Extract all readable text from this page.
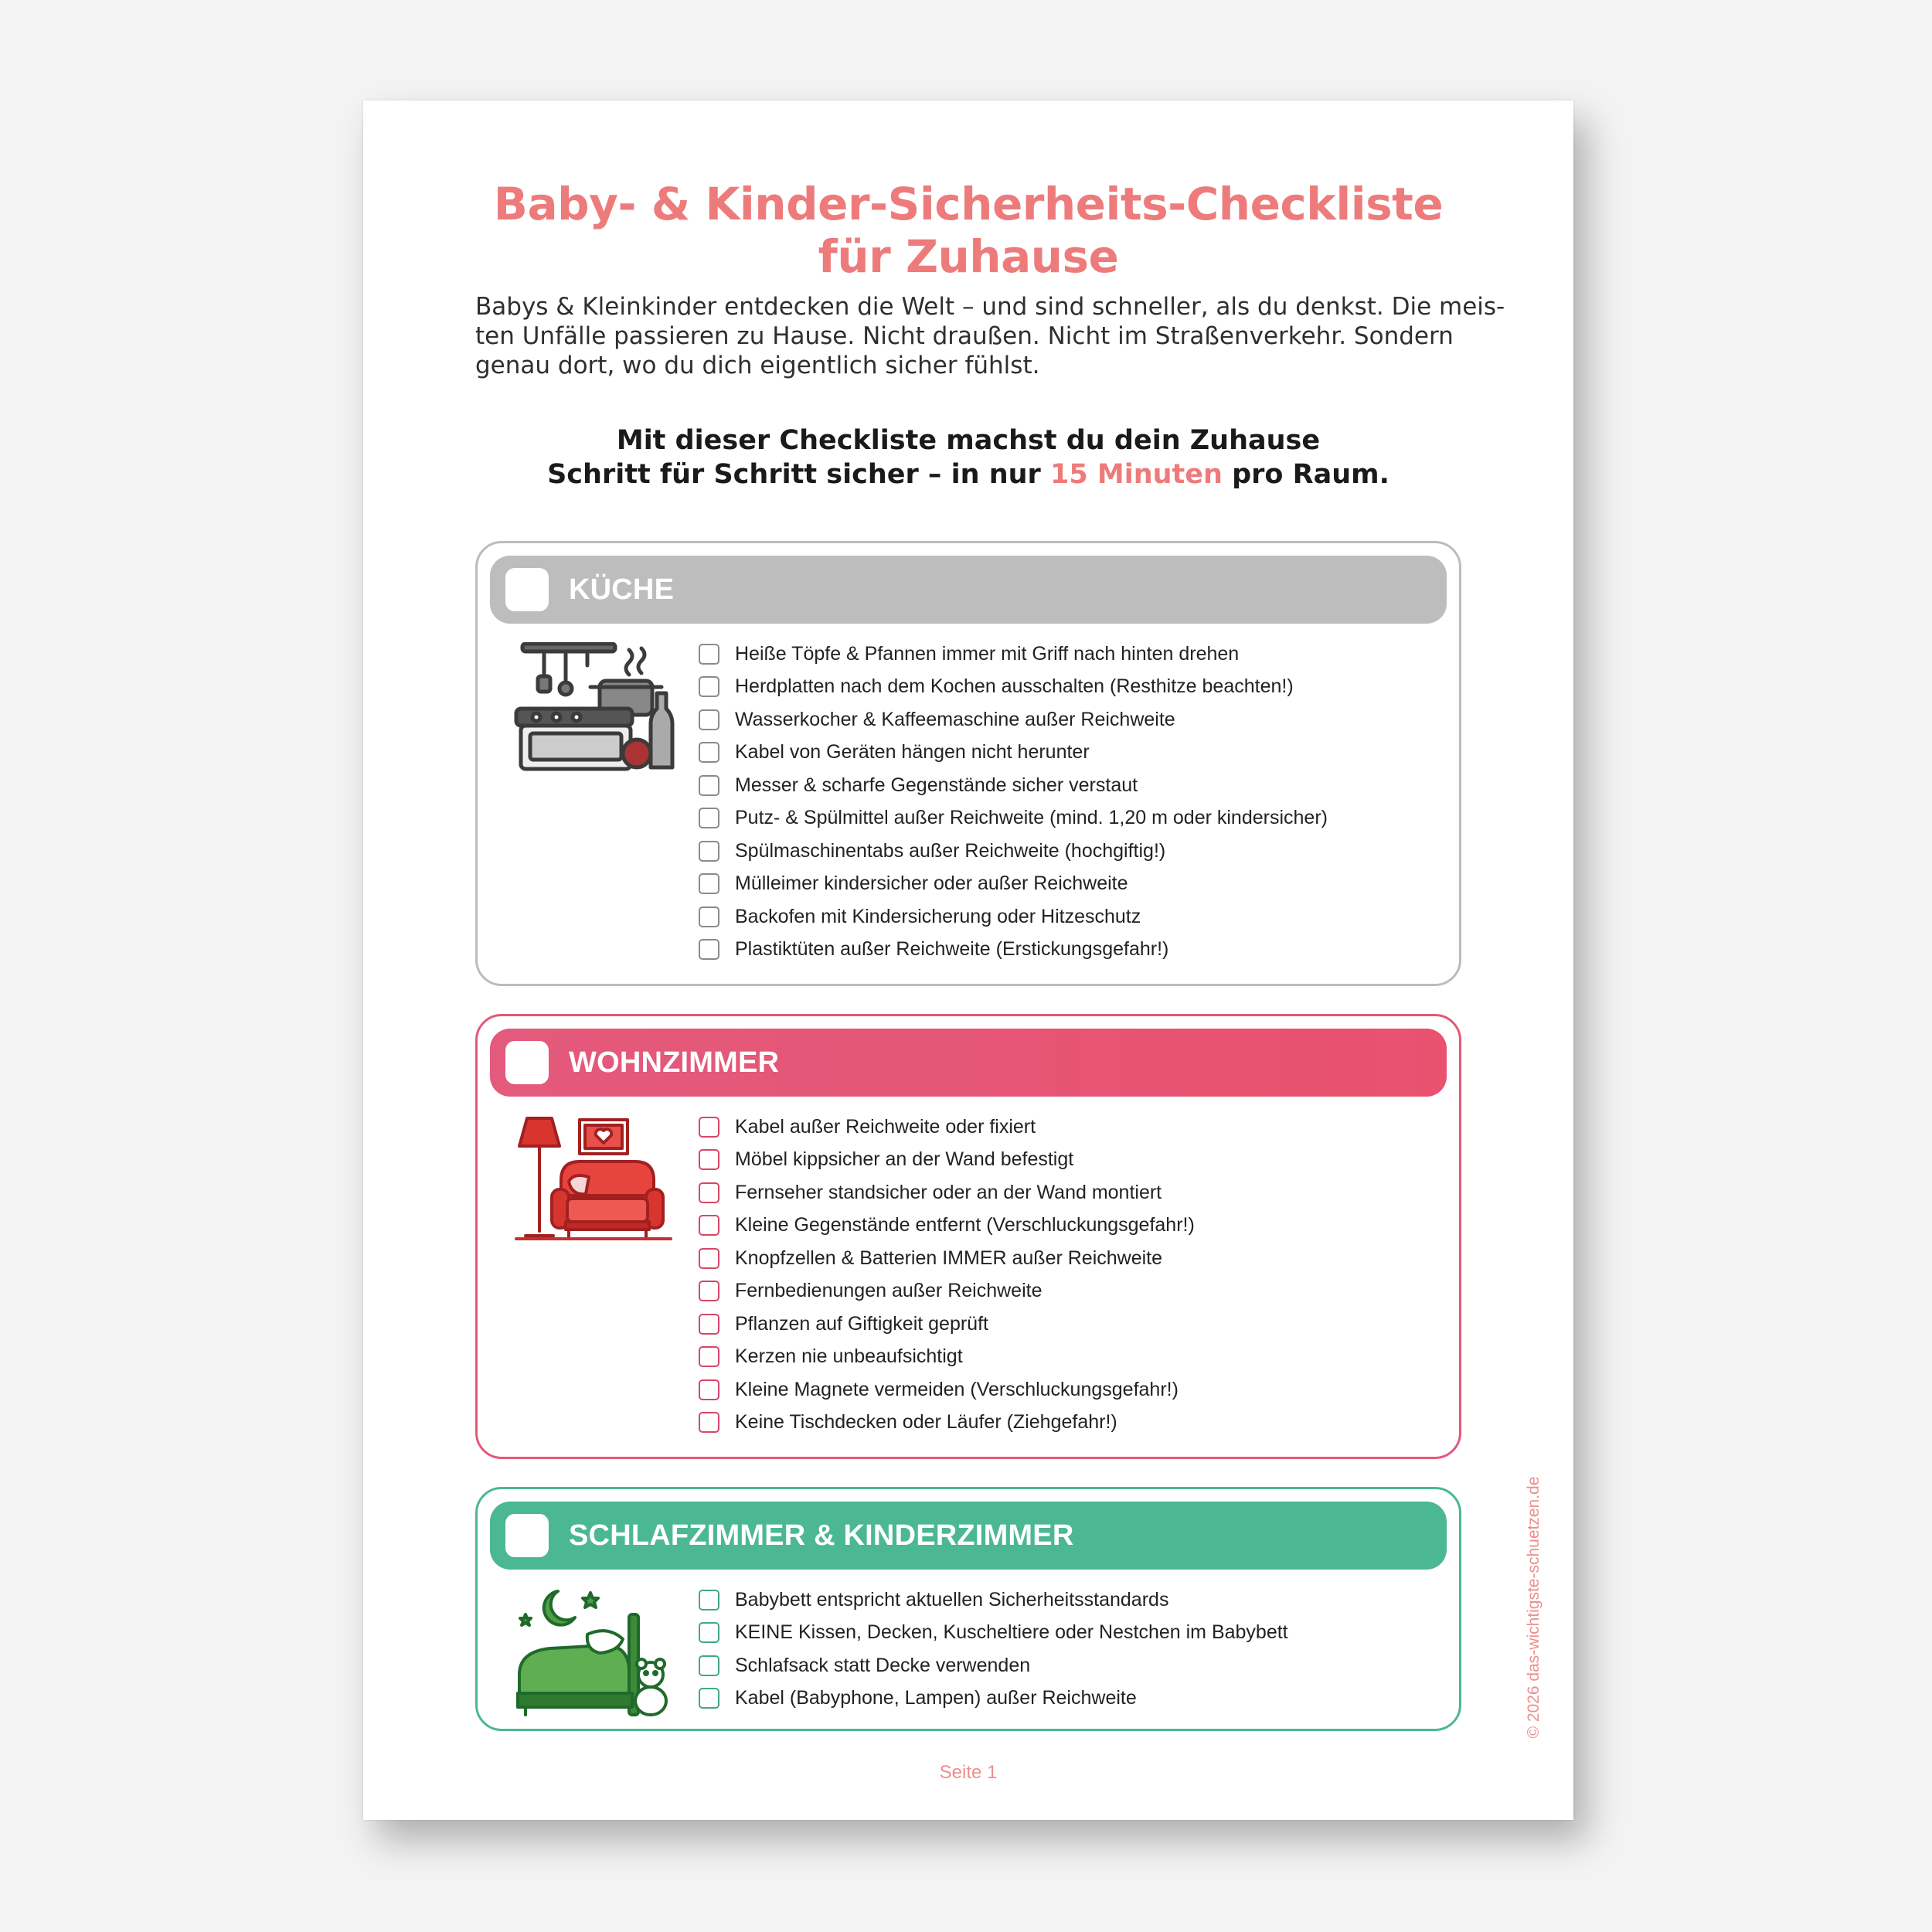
Baby- & Kinder-Sicherheits-Checkliste
für Zuhause

Babys & Kleinkinder entdecken die Welt – und sind schneller, als du denkst. Die meis-
ten Unfälle passieren zu Hause. Nicht draußen. Nicht im Straßenverkehr. Sondern
genau dort, wo du dich eigentlich sicher fühlst.

Mit dieser Checkliste machst du dein Zuhause
Schritt für Schritt sicher – in nur 15 Minuten pro Raum.
KÜCHE
Heiße Töpfe & Pfannen immer mit Griff nach hinten drehen
Herdplatten nach dem Kochen ausschalten (Resthitze beachten!)
Wasserkocher & Kaffeemaschine außer Reichweite
Kabel von Geräten hängen nicht herunter
Messer & scharfe Gegenstände sicher verstaut
Putz- & Spülmittel außer Reichweite (mind. 1,20 m oder kindersicher)
Spülmaschinentabs außer Reichweite (hochgiftig!)
Mülleimer kindersicher oder außer Reichweite
Backofen mit Kindersicherung oder Hitzeschutz
Plastiktüten außer Reichweite (Erstickungsgefahr!)
WOHNZIMMER
Kabel außer Reichweite oder fixiert
Möbel kippsicher an der Wand befestigt
Fernseher standsicher oder an der Wand montiert
Kleine Gegenstände entfernt (Verschluckungsgefahr!)
Knopfzellen & Batterien IMMER außer Reichweite
Fernbedienungen außer Reichweite
Pflanzen auf Giftigkeit geprüft
Kerzen nie unbeaufsichtigt
Kleine Magnete vermeiden (Verschluckungsgefahr!)
Keine Tischdecken oder Läufer (Ziehgefahr!)
SCHLAFZIMMER & KINDERZIMMER
Babybett entspricht aktuellen Sicherheitsstandards
KEINE Kissen, Decken, Kuscheltiere oder Nestchen im Babybett
Schlafsack statt Decke verwenden
Kabel (Babyphone, Lampen) außer Reichweite	© 2026 das-wichtigste-schuetzen.de
Seite 1
